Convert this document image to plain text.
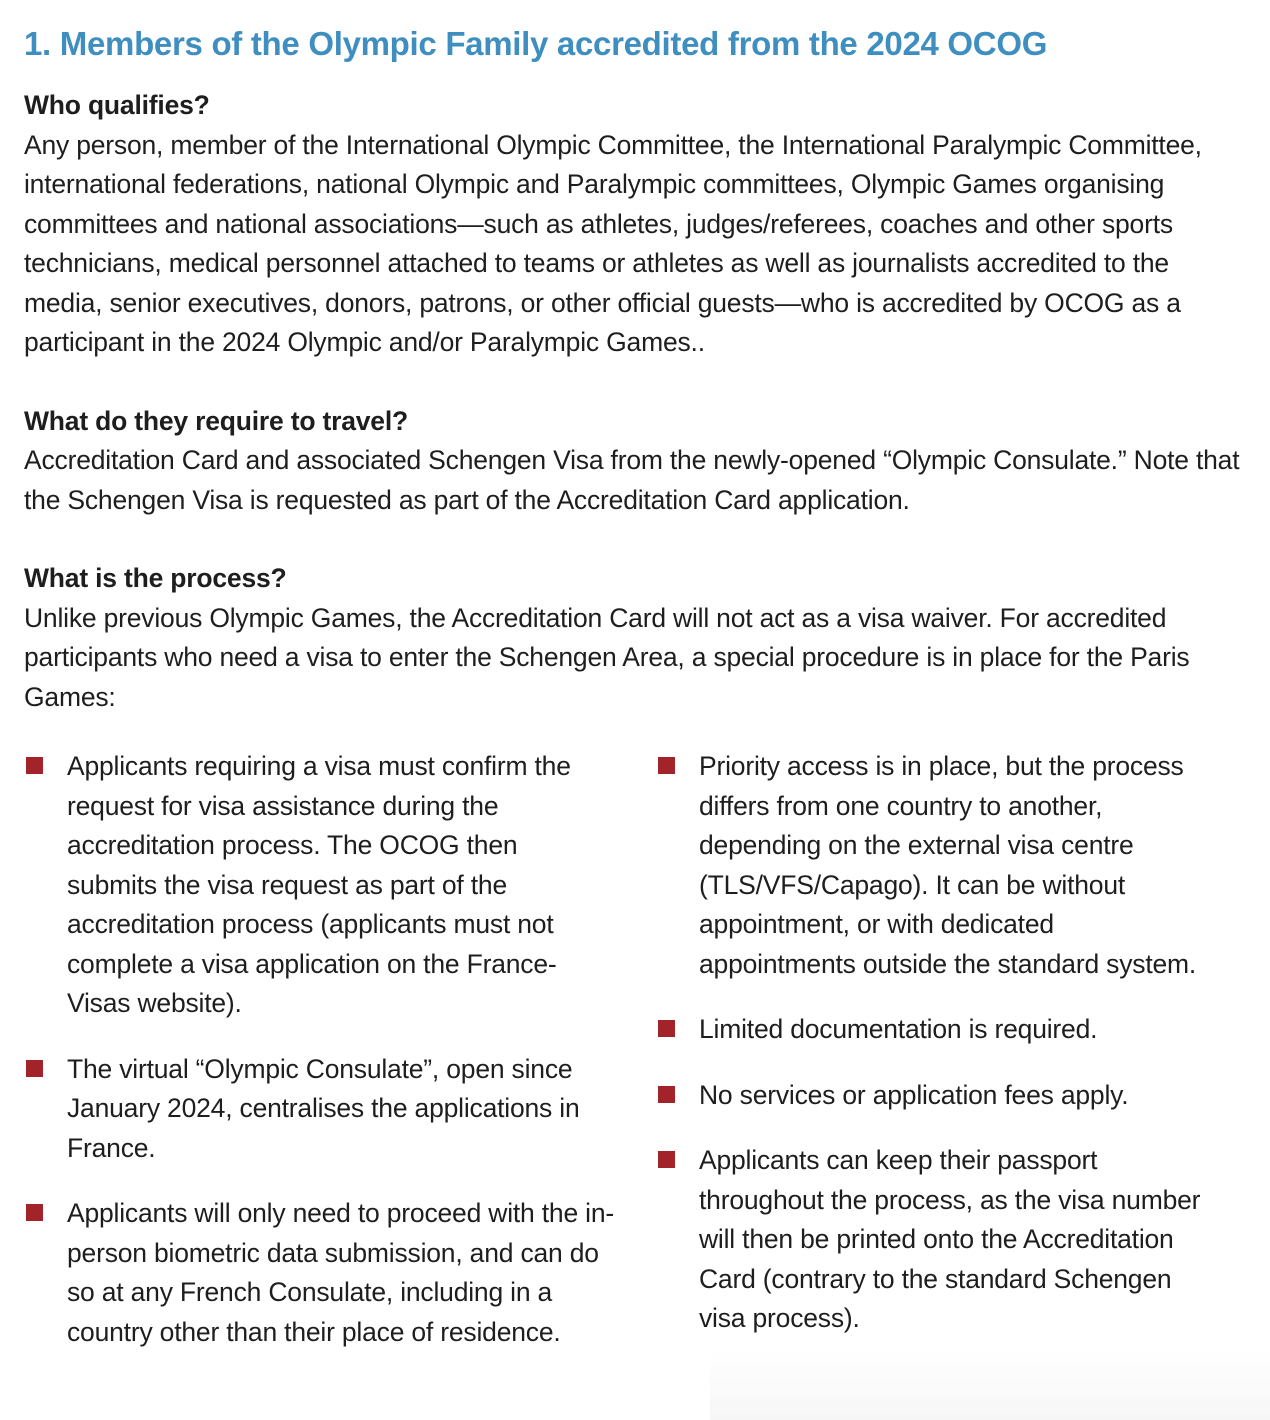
1. Members of the Olympic Family accredited from the 2024 OCOG
Who qualifies?
Any person, member of the International Olympic Committee, the International Paralympic Committee, international federations, national Olympic and Paralympic committees, Olympic Games organising committees and national associations—such as athletes, judges/referees, coaches and other sports technicians, medical personnel attached to teams or athletes as well as journalists accredited to the media, senior executives, donors, patrons, or other official guests—who is accredited by OCOG as a participant in the 2024 Olympic and/or Paralympic Games..
What do they require to travel?
Accreditation Card and associated Schengen Visa from the newly-opened “Olympic Consulate.” Note that the Schengen Visa is requested as part of the Accreditation Card application.
What is the process?
Unlike previous Olympic Games, the Accreditation Card will not act as a visa waiver. For accredited participants who need a visa to enter the Schengen Area, a special procedure is in place for the Paris Games:
Applicants requiring a visa must confirm the request for visa assistance during the accreditation process. The OCOG then submits the visa request as part of the accreditation process (applicants must not complete a visa application on the France-Visas website).
The virtual “Olympic Consulate”, open since January 2024, centralises the applications in France.
Applicants will only need to proceed with the in-person biometric data submission, and can do so at any French Consulate, including in a country other than their place of residence.
Priority access is in place, but the process differs from one country to another, depending on the external visa centre (TLS/VFS/Capago). It can be without appointment, or with dedicated appointments outside the standard system.
Limited documentation is required.
No services or application fees apply.
Applicants can keep their passport throughout the process, as the visa number will then be printed onto the Accreditation Card (contrary to the standard Schengen visa process).
